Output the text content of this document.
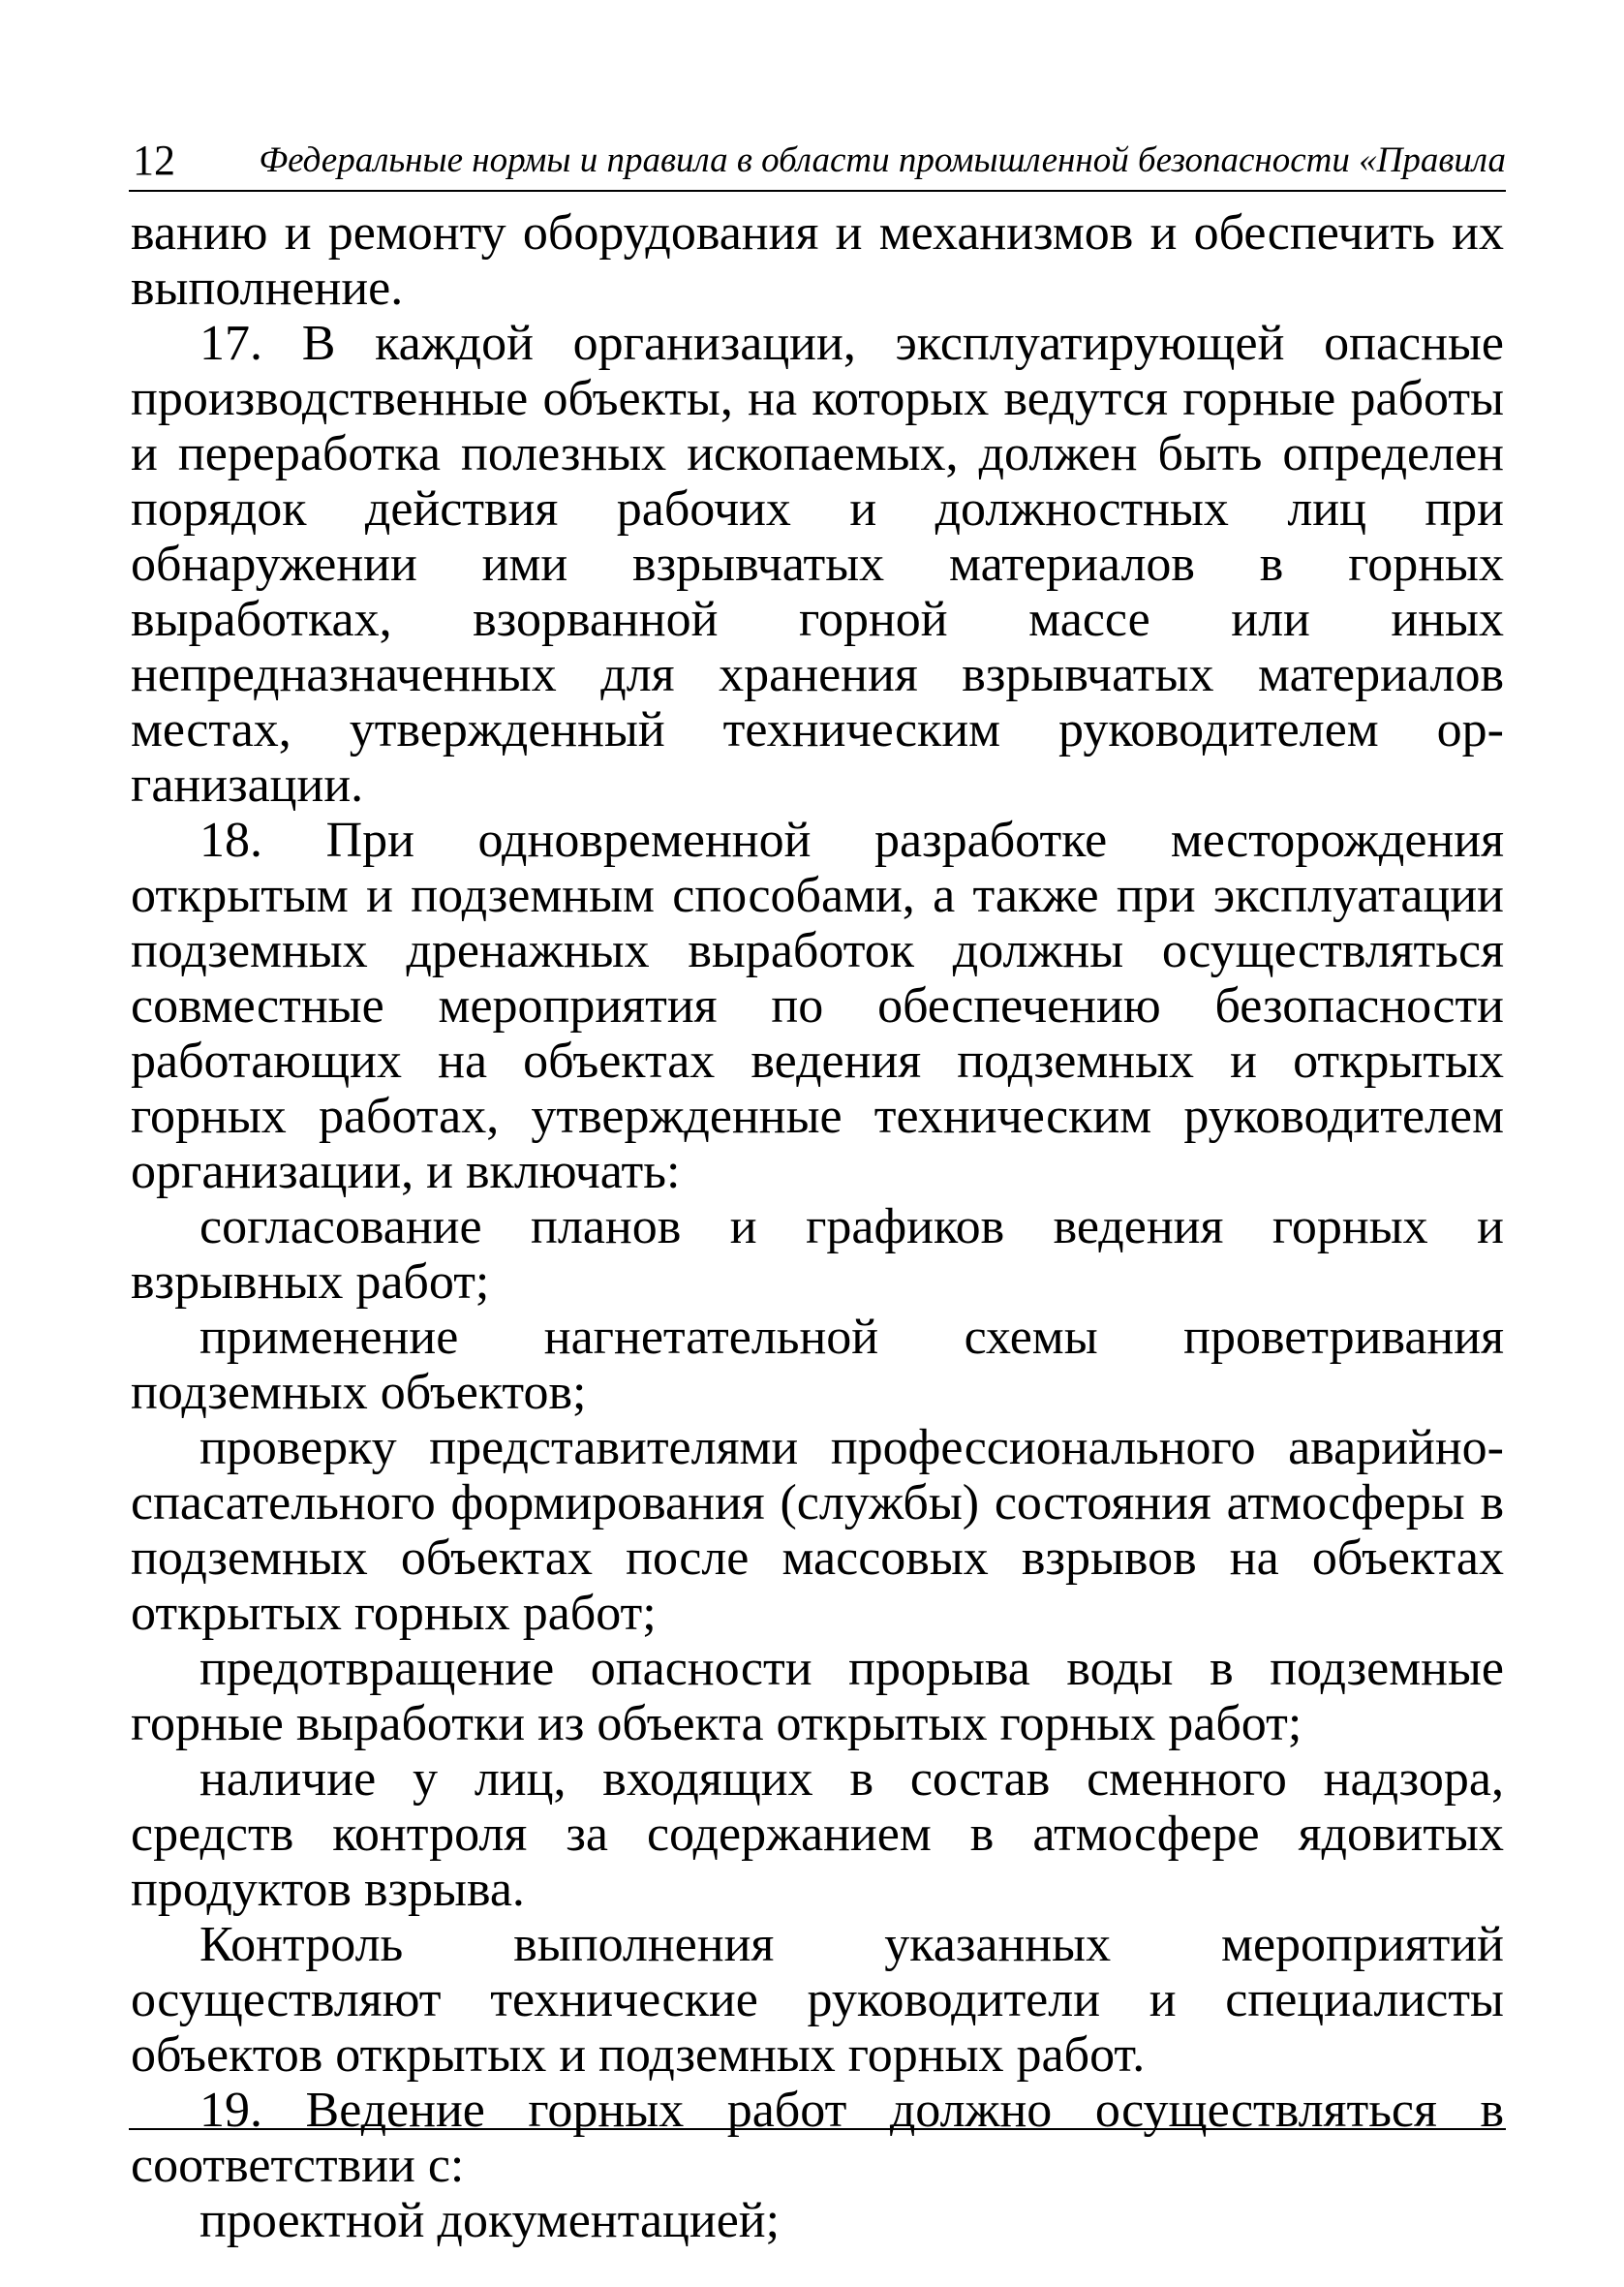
12 Федеральные нормы и правила в области промышленной безопасности «Правила

ванию и ремонту оборудования и механизмов и обеспечить их выполнение.

17. В каждой организации, эксплуатирующей опасные производственные объекты, на которых ведутся горные работы и переработка полезных ископаемых, должен быть определен порядок действия рабочих и должностных лиц при обнаружении ими взрывчатых материалов в горных выработках, взорванной горной массе или иных непредназначенных для хранения взрывчатых материалов местах, утвержденный техническим руководителем организации.

18. При одновременной разработке месторождения открытым и подземным способами, а также при эксплуатации подземных дренажных выработок должны осуществляться совместные мероприятия по обеспечению безопасности работающих на объектах ведения подземных и открытых горных работах, утвержденные техническим руководителем организации, и включать:

согласование планов и графиков ведения горных и взрывных работ;

применение нагнетательной схемы проветривания подземных объектов;

проверку представителями профессионального аварийно-спасательного формирования (службы) состояния атмосферы в подземных объектах после массовых взрывов на объектах открытых горных работ;

предотвращение опасности прорыва воды в подземные горные выработки из объекта открытых горных работ;

наличие у лиц, входящих в состав сменного надзора, средств контроля за содержанием в атмосфере ядовитых продуктов взрыва.

Контроль выполнения указанных мероприятий осуществляют технические руководители и специалисты объектов открытых и подземных горных работ.

19. Ведение горных работ должно осуществляться в соответствии с:

проектной документацией;
